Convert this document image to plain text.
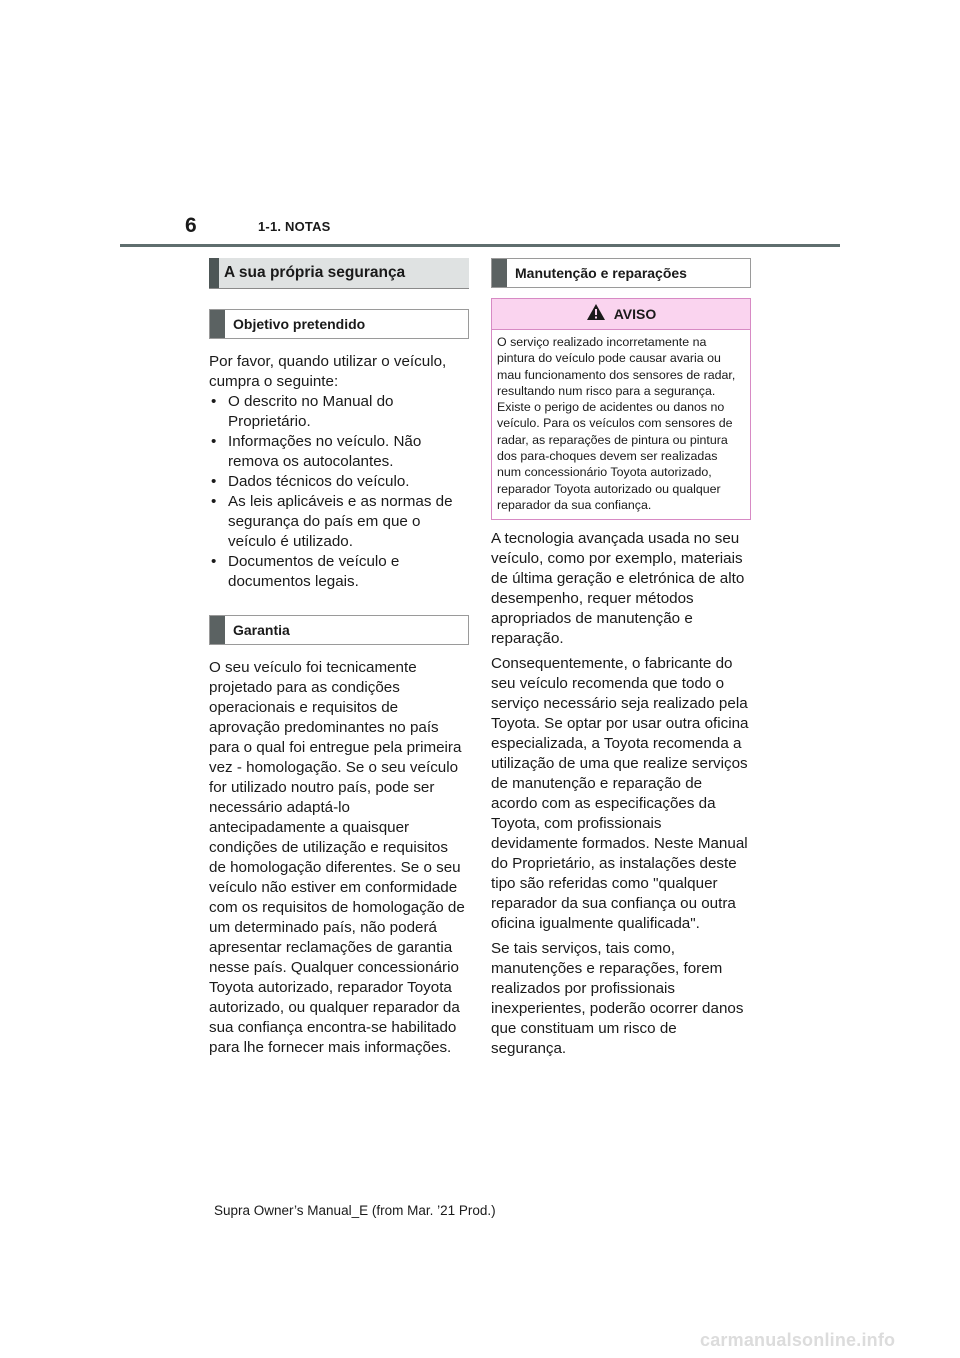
6	1-1. NOTAS
A sua própria segurança
Objetivo pretendido

Por favor, quando utilizar o veículo, cumpra o seguinte:

• O descrito no Manual do Proprietário.
• Informações no veículo. Não remova os autocolantes.
• Dados técnicos do veículo.
• As leis aplicáveis e as normas de segurança do país em que o veículo é utilizado.
• Documentos de veículo e documentos legais.
Garantia

O seu veículo foi tecnicamente projetado para as condições operacionais e requisitos de aprovação predominantes no país para o qual foi entregue pela primeira vez - homologação. Se o seu veículo for utilizado noutro país, pode ser necessário adaptá-lo antecipadamente a quaisquer condições de utilização e requisitos de homologação diferentes. Se o seu veículo não estiver em conformidade com os requisitos de homologação de um determinado país, não poderá apresentar reclamações de garantia nesse país. Qualquer concessionário Toyota autorizado, reparador Toyota autorizado, ou qualquer reparador da sua confiança encontra-se habilitado para lhe fornecer mais informações.

Manutenção e reparações
AVISO
O serviço realizado incorretamente na pintura do veículo pode causar avaria ou mau funcionamento dos sensores de radar, resultando num risco para a segurança. Existe o perigo de acidentes ou danos no veículo. Para os veículos com sensores de radar, as reparações de pintura ou pintura dos para-choques devem ser realizadas num concessionário Toyota autorizado, reparador Toyota autorizado ou qualquer reparador da sua confiança.

A tecnologia avançada usada no seu veículo, como por exemplo, materiais de última geração e eletrónica de alto desempenho, requer métodos apropriados de manutenção e reparação.

Consequentemente, o fabricante do seu veículo recomenda que todo o serviço necessário seja realizado pela Toyota. Se optar por usar outra oficina especializada, a Toyota recomenda a utilização de uma que realize serviços de manutenção e reparação de acordo com as especificações da Toyota, com profissionais devidamente formados. Neste Manual do Proprietário, as instalações deste tipo são referidas como "qualquer reparador da sua confiança ou outra oficina igualmente qualificada".

Se tais serviços, tais como, manutenções e reparações, forem realizados por profissionais inexperientes, poderão ocorrer danos que constituam um risco de segurança.

Supra Owner’s Manual_E (from Mar. ’21 Prod.)
carmanualsonline.info
